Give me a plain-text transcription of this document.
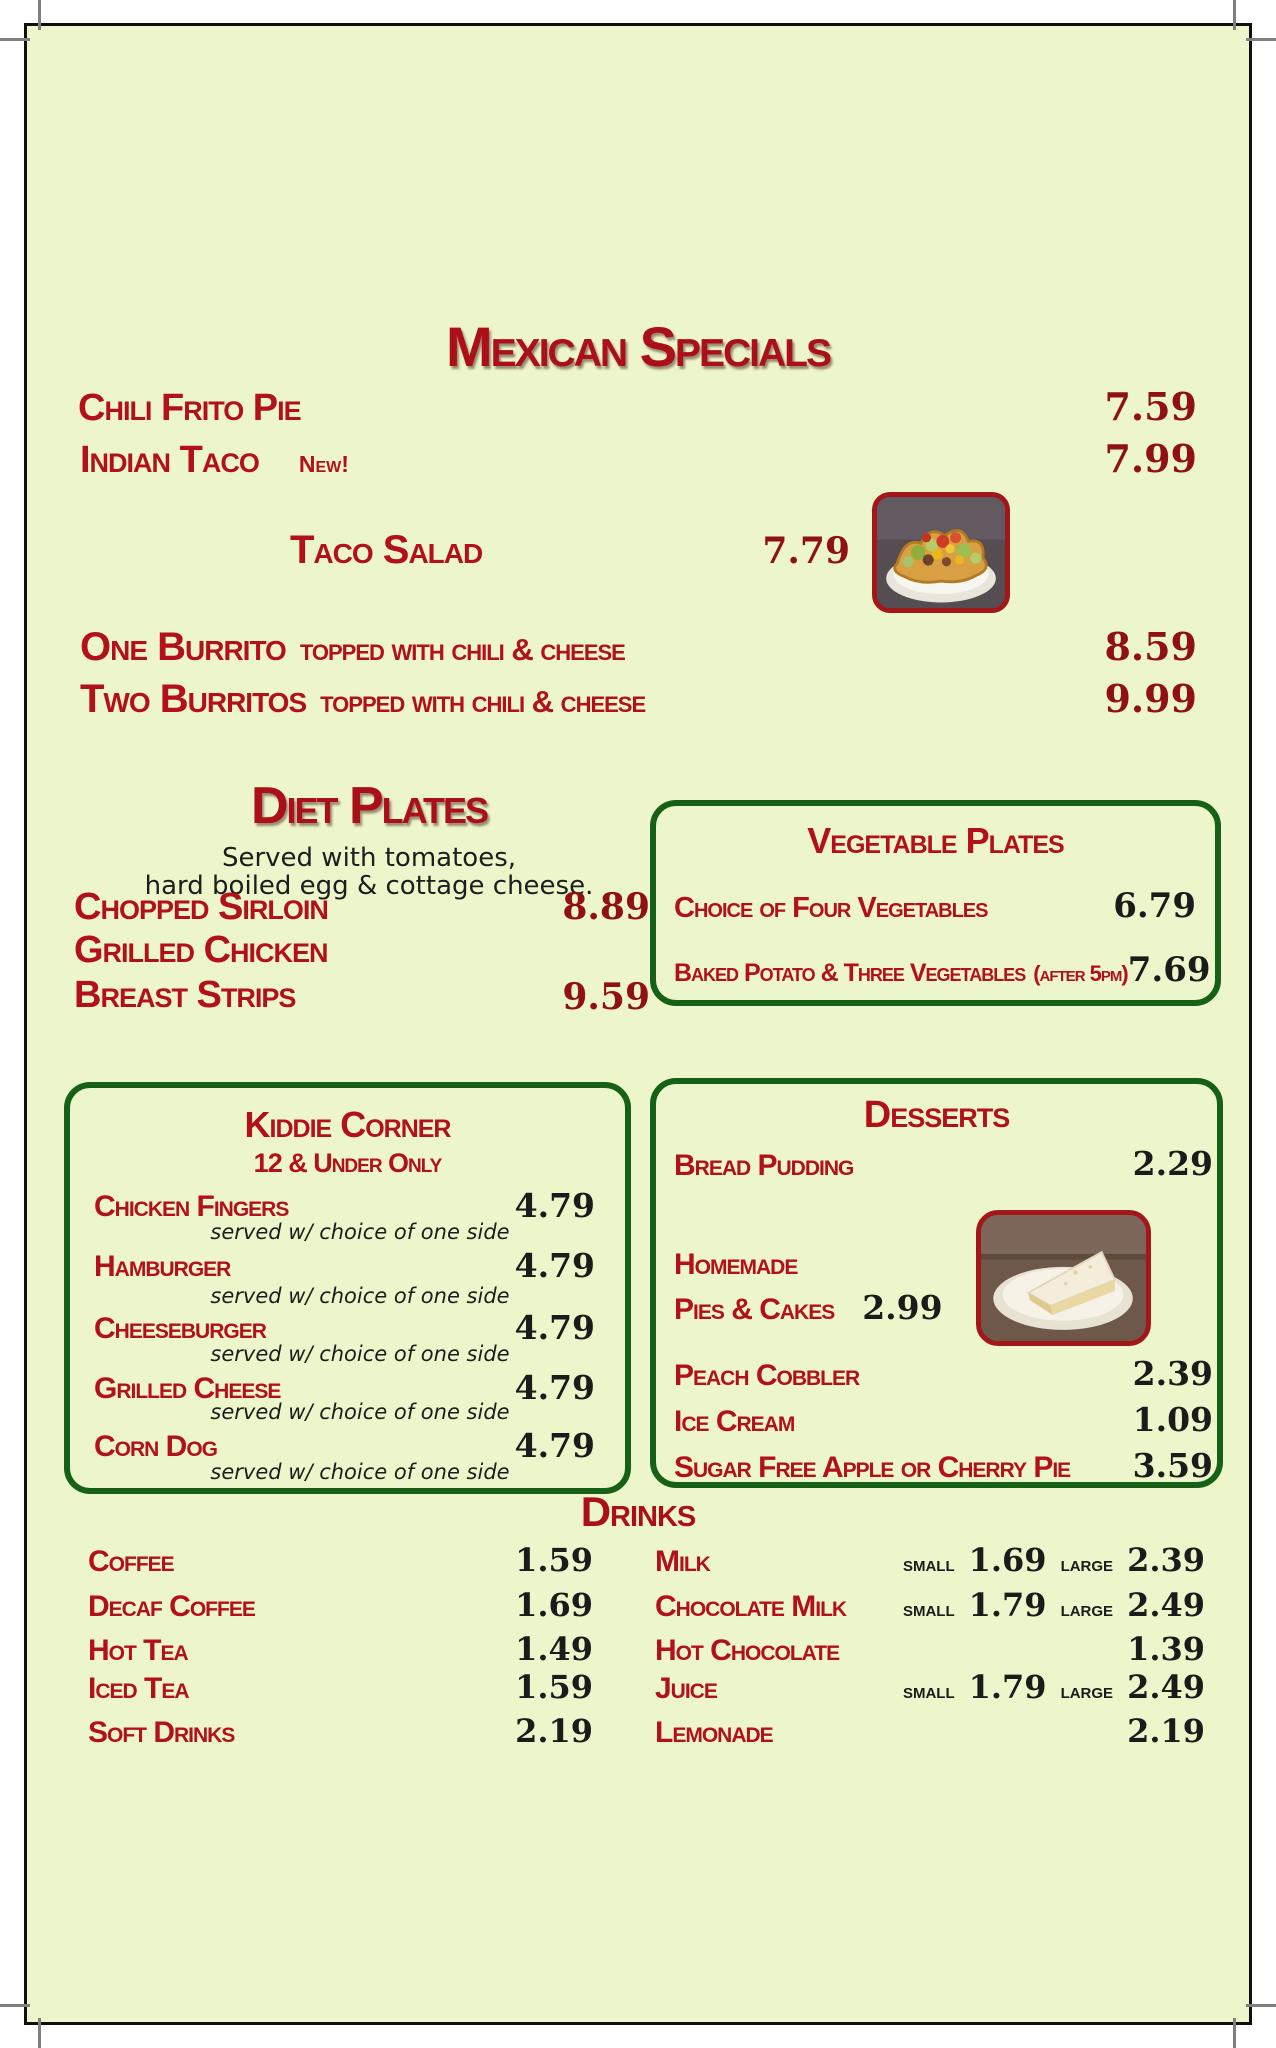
Mexican Specials
Chili Frito Pie	7.59
Indian Taco New!	7.99
Taco Salad	7.79
One Burrito topped with chili & cheese	8.59
Two Burritos topped with chili & cheese	9.99
Diet Plates
Served with tomatoes,
hard boiled egg & cottage cheese.
Chopped Sirloin	8.89
Grilled Chicken
Breast Strips	9.59
Vegetable Plates
Choice of Four Vegetables	6.79
Baked Potato & Three Vegetables (after 5pm) 7.69
Kiddie Corner
12 & Under Only
Chicken Fingers	4.79
served w/ choice of one side
Hamburger	4.79
served w/ choice of one side
Cheeseburger	4.79
served w/ choice of one side
Grilled Cheese	4.79
served w/ choice of one side
Corn Dog	4.79
served w/ choice of one side
Desserts
Bread Pudding	2.29
Homemade
Pies & Cakes 2.99
Peach Cobbler	2.39
Ice Cream	1.09
Sugar Free Apple or Cherry Pie 3.59
Drinks
Coffee	1.59
Decaf Coffee	1.69
Hot Tea	1.49
Iced Tea	1.59
Soft Drinks	2.19
Milk	small 1.69 large 2.39
Chocolate Milk	small 1.79 large 2.49
Hot Chocolate	1.39
Juice	small 1.79 large 2.49
Lemonade	2.19
